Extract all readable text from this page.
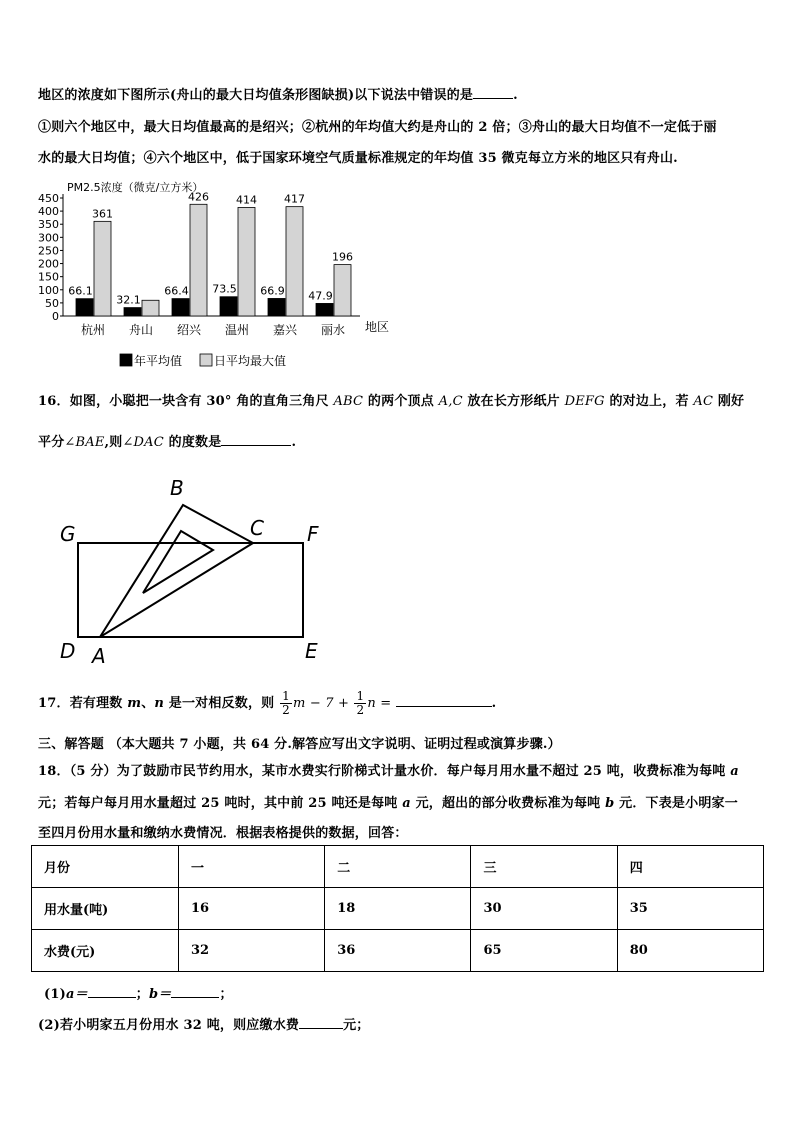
地区的浓度如下图所示(舟山的最大日均值条形图缺损)以下说法中错误的是	.
①则六个地区中，最大日均值最高的是绍兴；②杭州的年均值大约是舟山的 2 倍；③舟山的最大日均值不一定低于丽
水的最大日均值；④六个地区中，低于国家环境空气质量标准规定的年均值 35 微克每立方米的地区只有舟山.
PM2.5浓度（微克/立方米）
0
50
100
150
200
250
300
350
400
450
66.1
361
32.1
66.4
426
73.5
414
66.9
417
47.9
196
杭州 舟山 绍兴 温州 嘉兴 丽水 地区
年平均值	日平均最大值
16．如图，小聪把一块含有 30° 角的直角三角尺 ABC 的两个顶点 A,C 放在长方形纸片 DEFG 的对边上，若 AC 刚好
平分∠BAE,则∠DAC 的度数是	.
B
G	C F
D A	E
17．若有理数 m、n 是一对相反数，则 $\frac{1}{2}$ $m - 7 + \frac{1}{2}$ n =	.
三、解答题 （本大题共 7 小题，共 64 分.解答应写出文字说明、证明过程或演算步骤.）
18．（5 分）为了鼓励市民节约用水，某市水费实行阶梯式计量水价．每户每月用水量不超过 25 吨，收费标准为每吨 a
元；若每户每月用水量超过 25 吨时，其中前 25 吨还是每吨 a 元，超出的部分收费标准为每吨 b 元．下表是小明家一
至四月份用水量和缴纳水费情况．根据表格提供的数据，回答：
月份	一	二	三	四
用水量(吨)	16	18	30	35
水费(元)	32	36	65	80
(1)a＝	；b＝	；
(2)若小明家五月份用水 32 吨，则应缴水费	元；
